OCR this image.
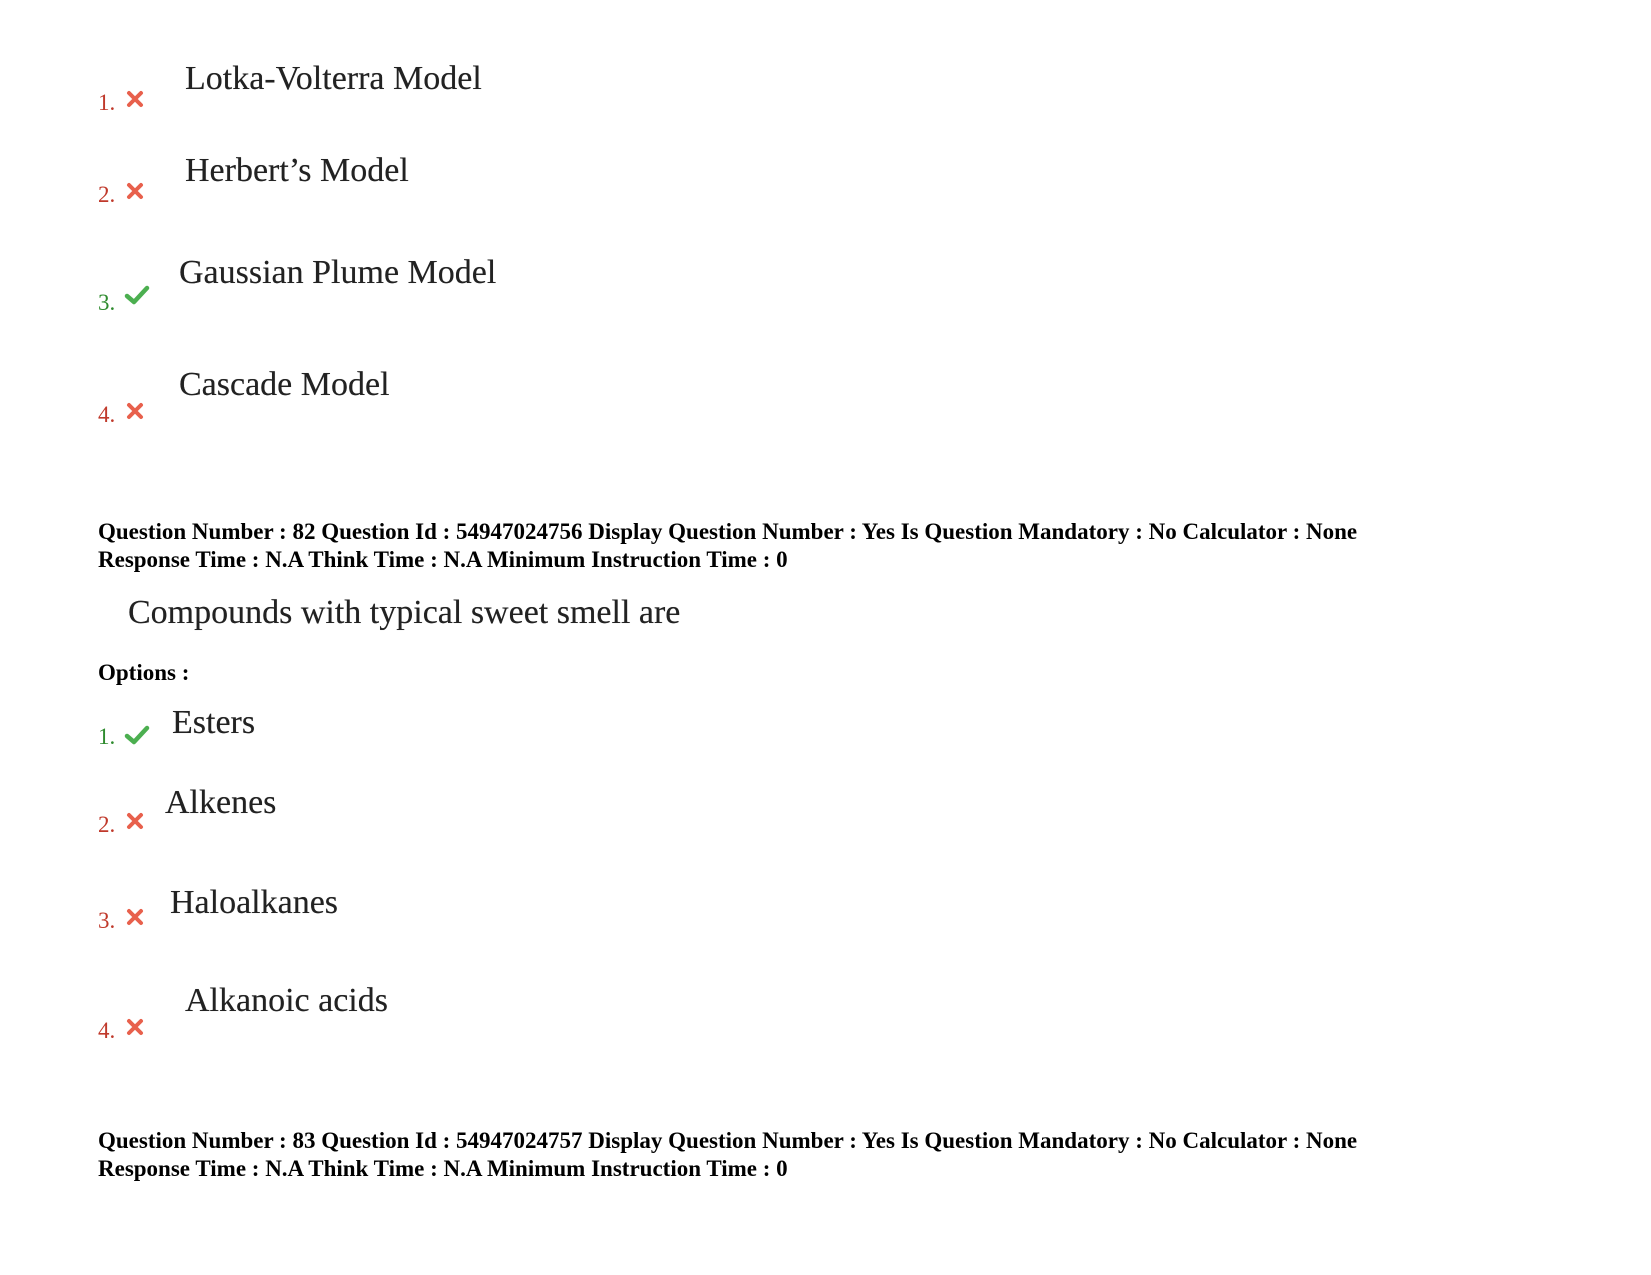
1.
Lotka-Volterra Model
2.
Herbert’s Model
3.
Gaussian Plume Model
4.
Cascade Model
Question Number : 82 Question Id : 54947024756 Display Question Number : Yes Is Question Mandatory : No Calculator : None
Response Time : N.A Think Time : N.A Minimum Instruction Time : 0
Compounds with typical sweet smell are
Options :
1. Esters
2.
Alkenes
3. Haloalkanes
4.
Alkanoic acids
Question Number : 83 Question Id : 54947024757 Display Question Number : Yes Is Question Mandatory : No Calculator : None
Response Time : N.A Think Time : N.A Minimum Instruction Time : 0
